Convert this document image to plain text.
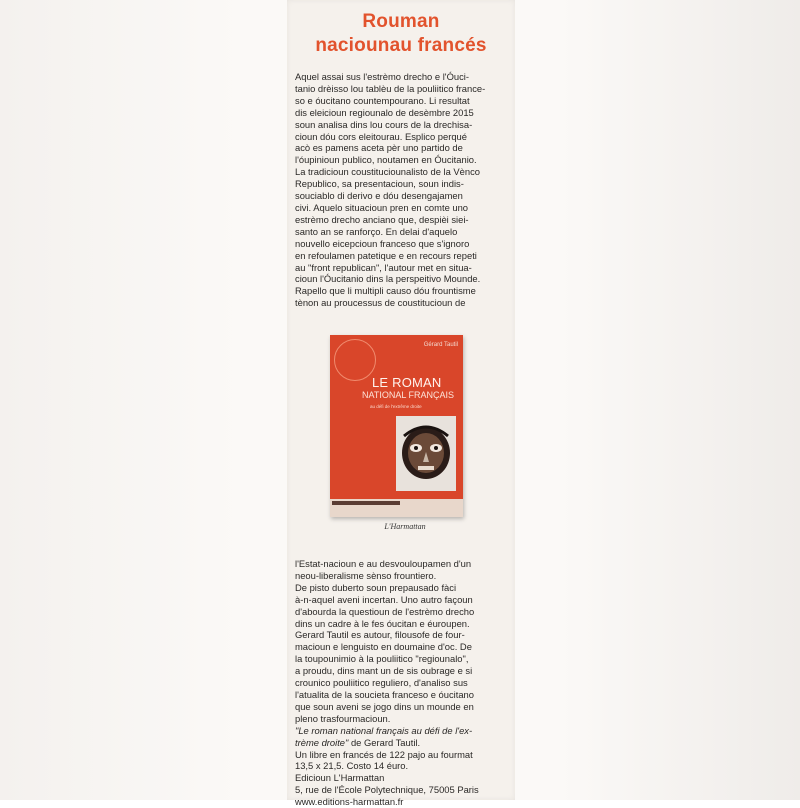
Rouman
naciounau francés
Aquel assai sus l'estrèmo drecho e l'Óuci-
tanio drèisso lou tablèu de la pouliitico france-
so e óucitano countempourano. Li resultat
dis eleicioun regiounalo de desèmbre 2015
soun analisa dins lou cours de la drechisa-
cioun dóu cors eleitourau. Esplico perqué
acò es pamens aceta pèr uno partido de
l'óupinioun publico, noutamen en Óucitanio.
La tradicioun coustituciounalisto de la Vènco
Republico, sa presentacioun, soun indis-
souciablo di derivo e dóu desengajamen
civi. Aquelo situacioun pren en comte uno
estrèmo drecho anciano que, despièi siei-
santo an se ranforço. En delai d'aquelo
nouvello eicepcioun franceso que s'ignoro
en refoulamen patetique e en recours repeti
au "front republican", l'autour met en situa-
cioun l'Óucitanio dins la perspeitivo Mounde.
Rapello que li multipli causo dóu frountisme
tènon au proucessus de coustitucioun de
Gérard Tautil
LE ROMAN
NATIONAL FRANÇAIS
au défi de l'extrême droite
L'Harmattan
l'Estat-nacioun e au desvouloupamen d'un
neou-liberalisme sènso frountiero.
De pisto duberto soun prepausado fàci
à-n-aquel aveni incertan. Uno autro façoun
d'abourda la questioun de l'estrèmo drecho
dins un cadre à le fes óucitan e éuroupen.
Gerard Tautil es autour, filousofe de four-
macioun e lenguisto en doumaine d'oc. De
la toupounimio à la pouliitico "regiounalo",
a proudu, dins mant un de sis oubrage e si
crounico pouliitico reguliero, d'analiso sus
l'atualita de la soucieta franceso e óucitano
que soun aveni se jogo dins un mounde en
pleno trasfourmacioun.

"Le roman national français au défi de l'ex-
trème droite" de Gerard Tautil.

Un libre en francés de 122 pajo au fourmat
13,5 x 21,5. Costo 14 éuro.
Edicioun L'Harmattan
5, rue de l'École Polytechnique, 75005 Paris
www.editions-harmattan.fr
